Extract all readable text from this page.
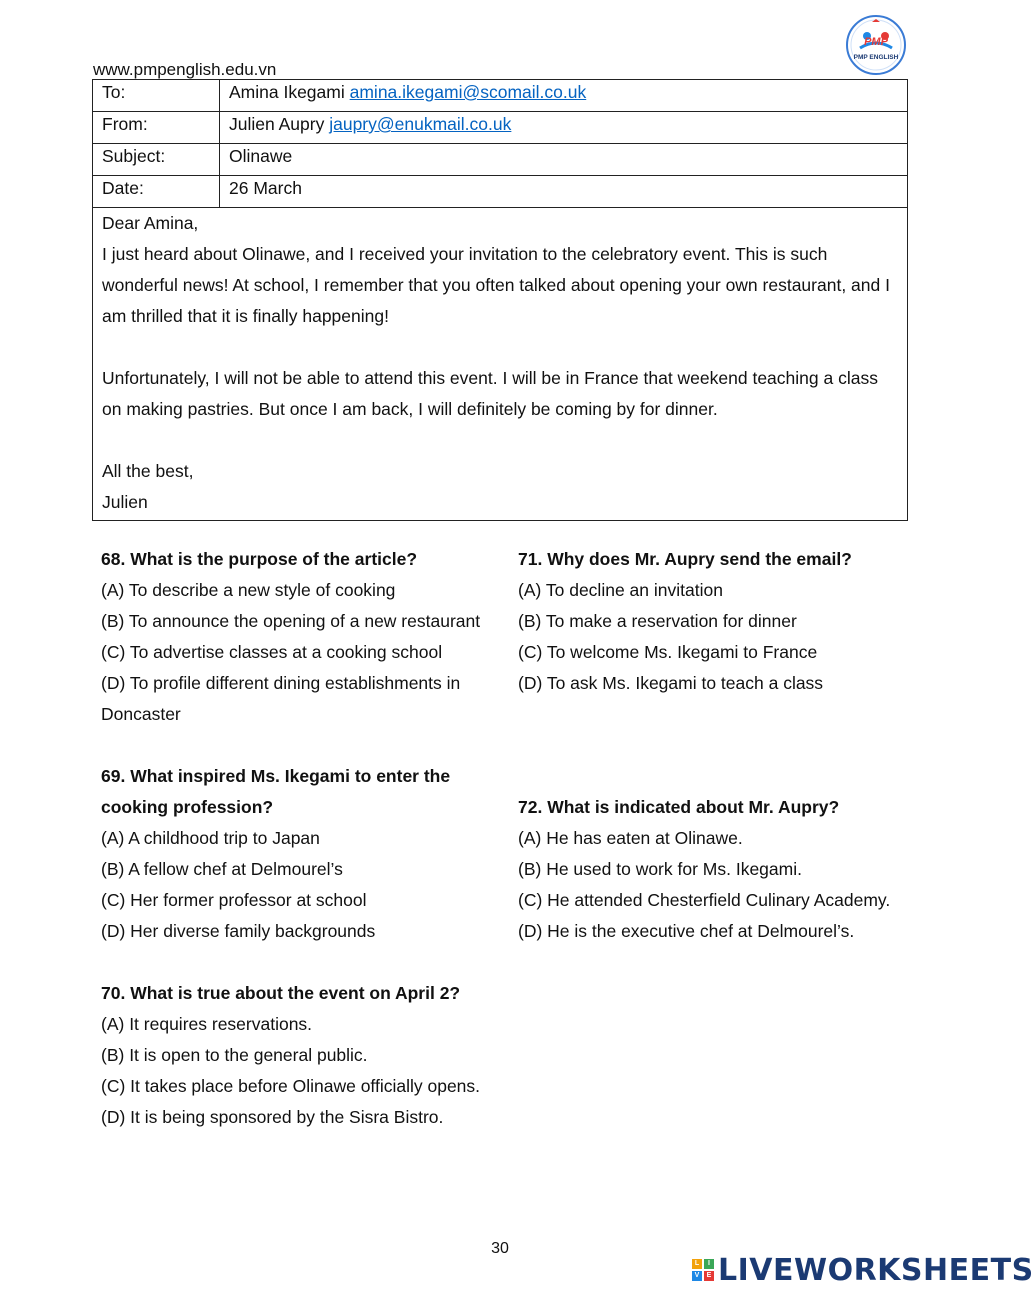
www.pmpenglish.edu.vn
PMP
PMP ENGLISH
To:	Amina Ikegami amina.ikegami@scomail.co.uk
From:	Julien Aupry jaupry@enukmail.co.uk
Subject:	Olinawe
Date:	26 March

Dear Amina,

I just heard about Olinawe, and I received your invitation to the celebratory event. This is such wonderful news! At school, I remember that you often talked about opening your own restaurant, and I am thrilled that it is finally happening!

Unfortunately, I will not be able to attend this event. I will be in France that weekend teaching a class on making pastries. But once I am back, I will definitely be coming by for dinner.

All the best,

Julien	

68. What is the purpose of the article?
(A) To describe a new style of cooking
(B) To announce the opening of a new restaurant
(C) To advertise classes at a cooking school
(D) To profile different dining establishments in Doncaster
69. What inspired Ms. Ikegami to enter the cooking profession?
(A) A childhood trip to Japan
(B) A fellow chef at Delmourel’s
(C) Her former professor at school
(D) Her diverse family backgrounds
70. What is true about the event on April 2?
(A) It requires reservations.
(B) It is open to the general public.
(C) It takes place before Olinawe officially opens.
(D) It is being sponsored by the Sisra Bistro.
71. Why does Mr. Aupry send the email?
(A) To decline an invitation
(B) To make a reservation for dinner
(C) To welcome Ms. Ikegami to France
(D) To ask Ms. Ikegami to teach a class
72. What is indicated about Mr. Aupry?
(A) He has eaten at Olinawe.
(B) He used to work for Ms. Ikegami.
(C) He attended Chesterfield Culinary Academy.
(D) He is the executive chef at Delmourel’s.
30
L	I
V	E LIVEWORKSHEETS
